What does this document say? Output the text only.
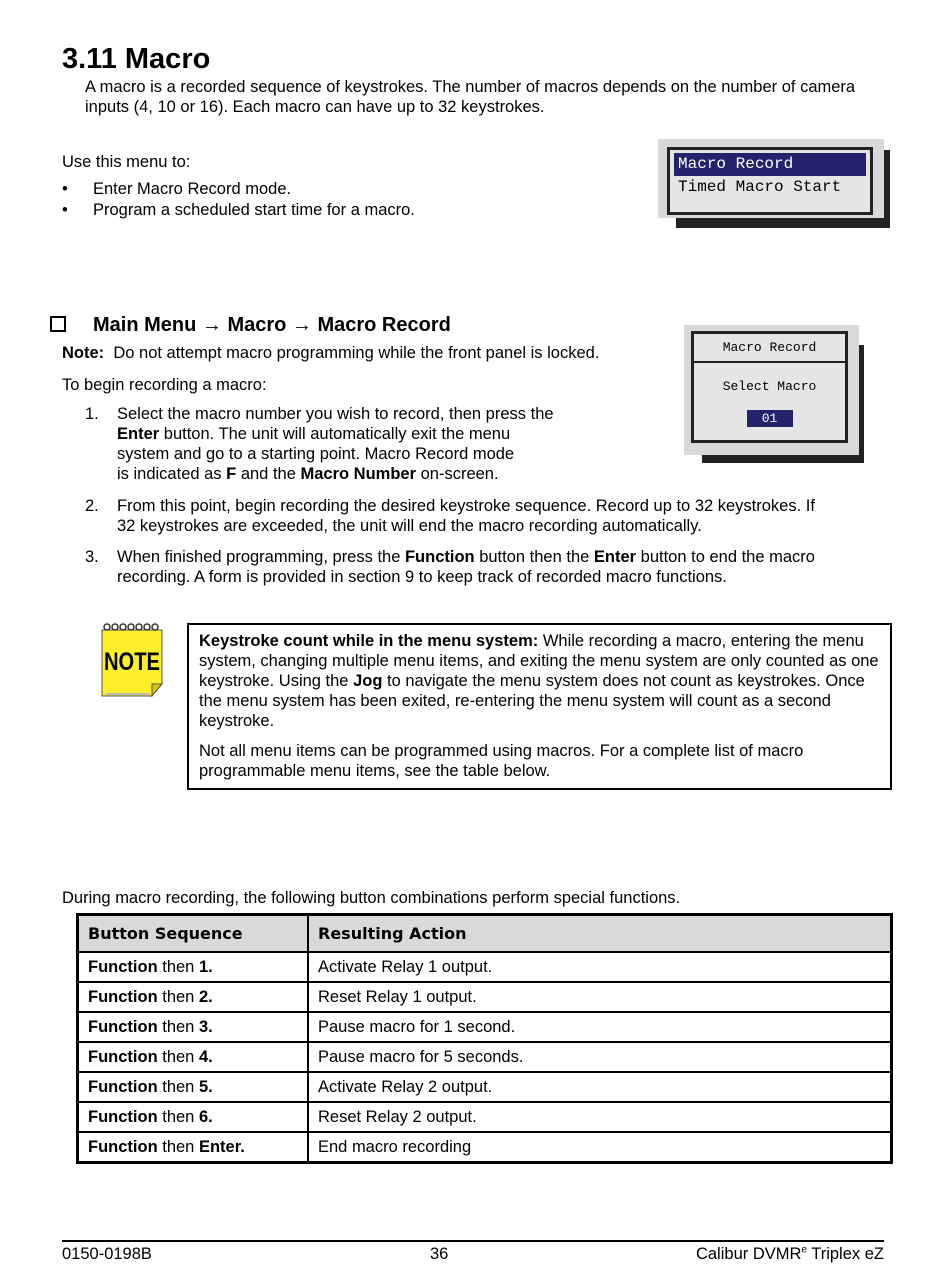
3.11 Macro
A macro is a recorded sequence of keystrokes. The number of macros depends on the number of camera inputs (4, 10 or 16). Each macro can have up to 32 keystrokes.
Use this menu to:
• Enter Macro Record mode.
• Program a scheduled start time for a macro.
Macro Record
Timed Macro Start
Main Menu → Macro → Macro Record
Note: Do not attempt macro programming while the front panel is locked.
To begin recording a macro:
1. Select the macro number you wish to record, then press the
Enter button. The unit will automatically exit the menu
system and go to a starting point. Macro Record mode
is indicated as F and the Macro Number on-screen.
2. From this point, begin recording the desired keystroke sequence. Record up to 32 keystrokes. If
32 keystrokes are exceeded, the unit will end the macro recording automatically.
3. When finished programming, press the Function button then the Enter button to end the macro
recording. A form is provided in section 9 to keep track of recorded macro functions.
Macro Record
Select Macro
01
NOTE

Keystroke count while in the menu system: While recording a macro, entering the menu system, changing multiple menu items, and exiting the menu system are only counted as one keystroke. Using the Jog to navigate the menu system does not count as keystrokes. Once the menu system has been exited, re-entering the menu system will count as a second keystroke.

Not all menu items can be programmed using macros. For a complete list of macro programmable menu items, see the table below.

During macro recording, the following button combinations perform special functions.
Button Sequence	Resulting Action
Function then 1.	Activate Relay 1 output.
Function then 2.	Reset Relay 1 output.
Function then 3.	Pause macro for 1 second.
Function then 4.	Pause macro for 5 seconds.
Function then 5.	Activate Relay 2 output.
Function then 6.	Reset Relay 2 output.
Function then Enter.	End macro recording
0150-0198B	36	Calibur DVMR$^e$ Triplex eZ
